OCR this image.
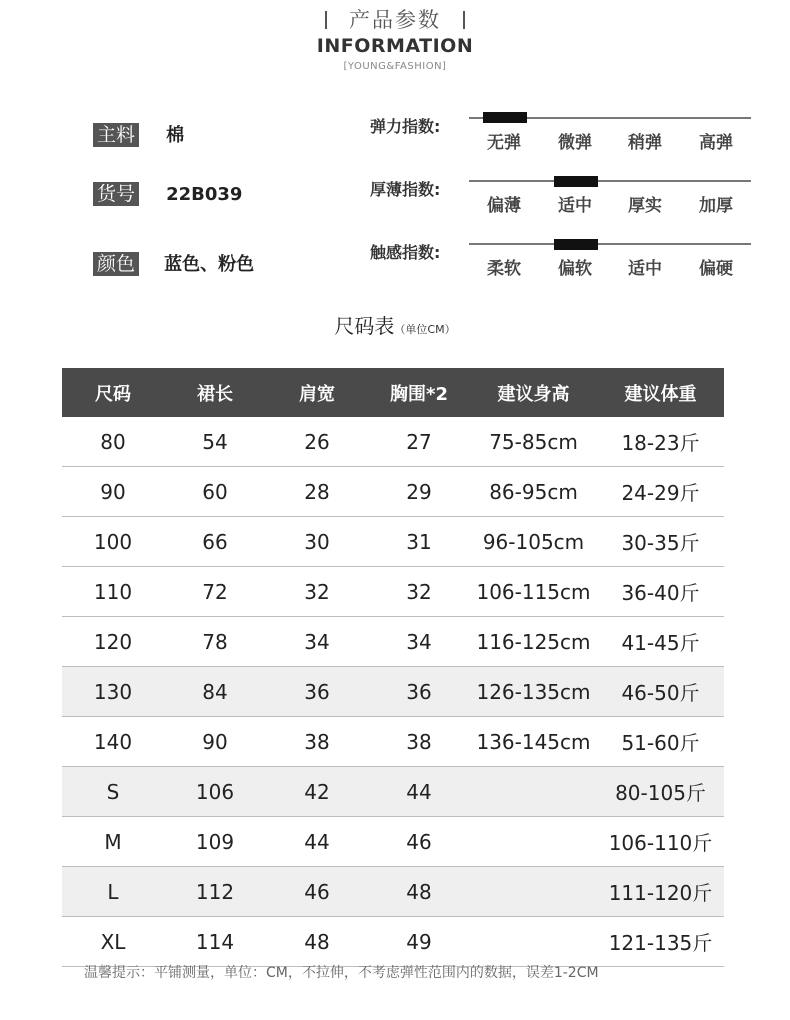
产品参数
INFORMATION
[YOUNG&FASHION]
主料 棉
货号 22B039
颜色 蓝色、粉色
弹力指数:
无弹	微弹	稍弹	高弹
厚薄指数:
偏薄	适中	厚实	加厚
触感指数:
柔软	偏软	适中	偏硬
尺码表（单位CM）
尺码	裙长	肩宽	胸围*2	建议身高	建议体重
80	54	26	27	75-85cm	18-23斤
90	60	28	29	86-95cm	24-29斤
100	66	30	31	96-105cm	30-35斤
110	72	32	32	106-115cm	36-40斤
120	78	34	34	116-125cm	41-45斤
130	84	36	36	126-135cm	46-50斤
140	90	38	38	136-145cm	51-60斤
S	106	42	44		80-105斤
M	109	44	46		106-110斤
L	112	46	48		111-120斤
XL	114	48	49		121-135斤
温馨提示：平铺测量，单位：CM，不拉伸，不考虑弹性范围内的数据，误差1-2CM
